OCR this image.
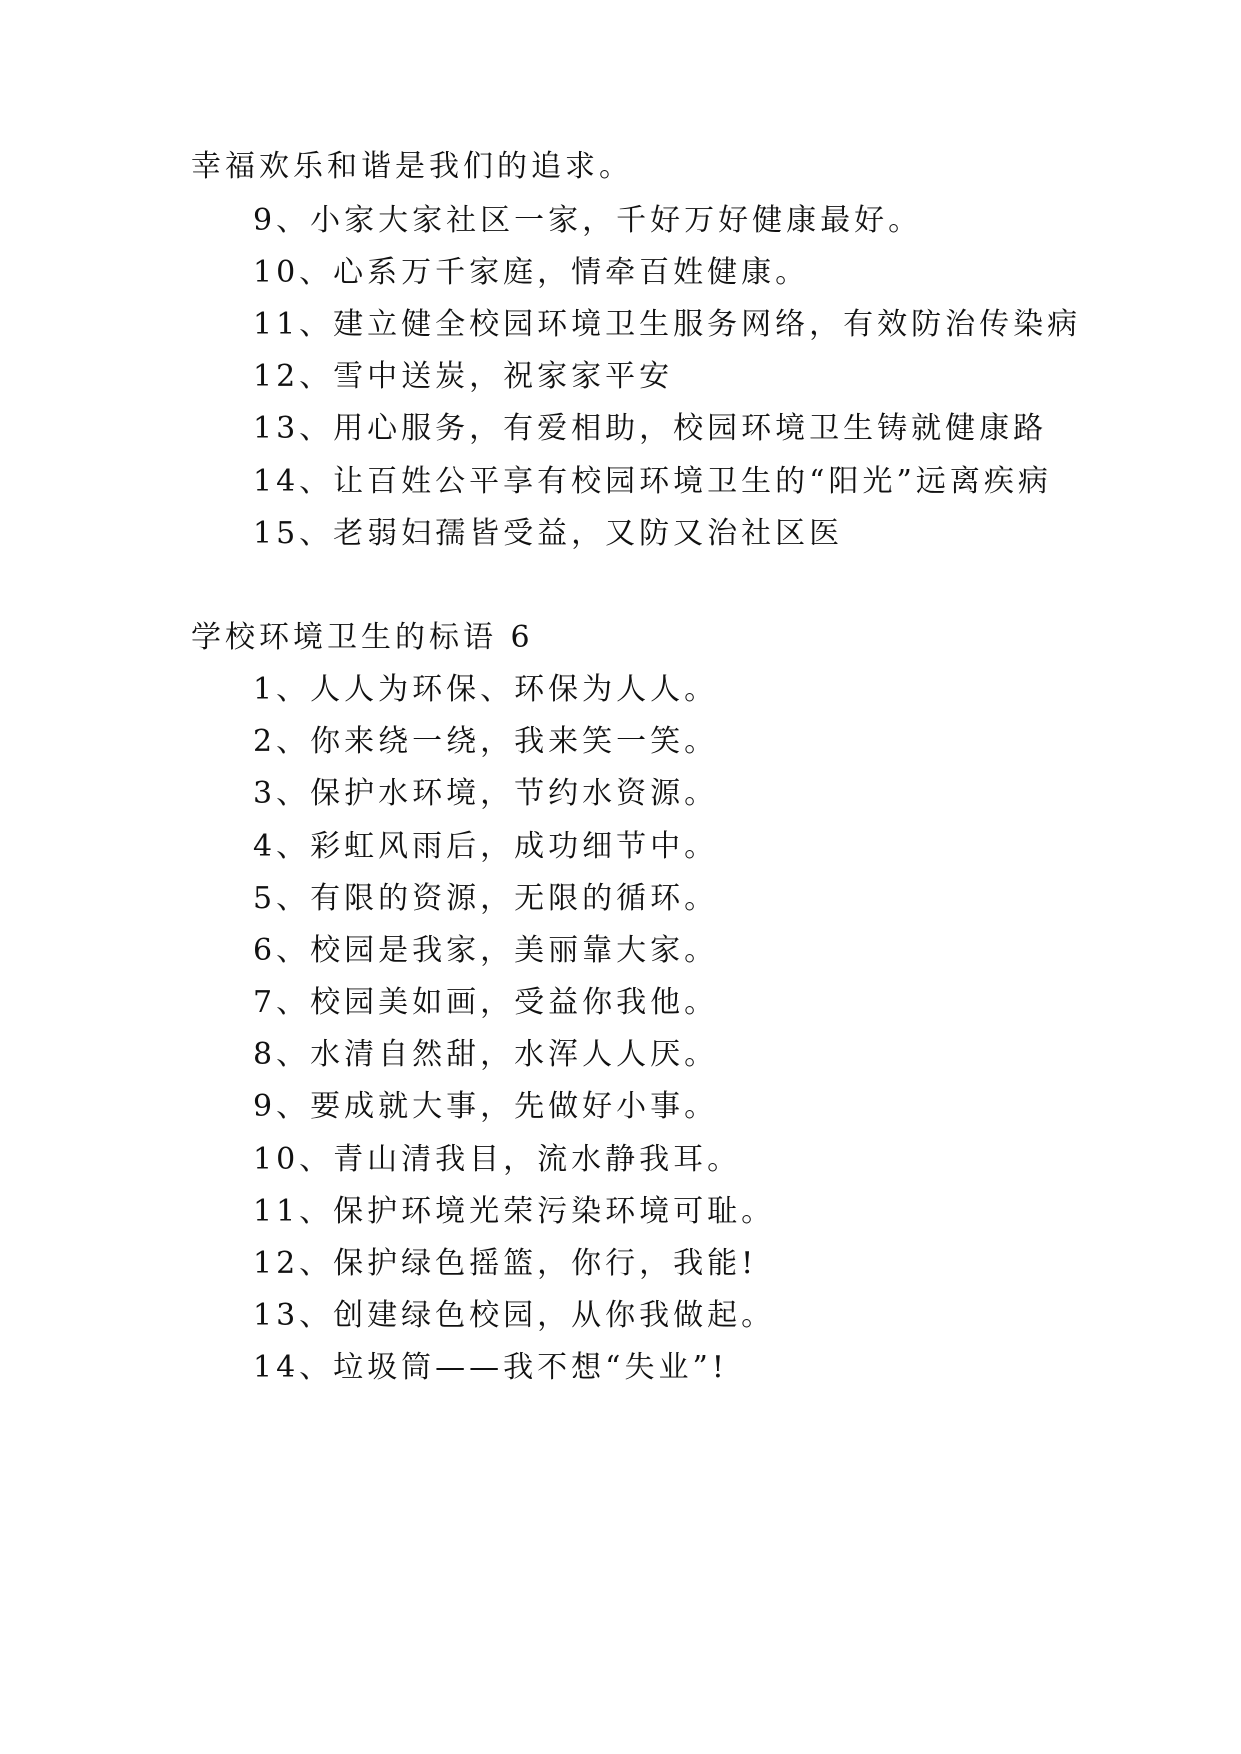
幸福欢乐和谐是我们的追求。
9、小家大家社区一家，千好万好健康最好。
10、心系万千家庭，情牵百姓健康。
11、建立健全校园环境卫生服务网络，有效防治传染病
12、雪中送炭，祝家家平安
13、用心服务，有爱相助，校园环境卫生铸就健康路
14、让百姓公平享有校园环境卫生的“阳光”远离疾病
15、老弱妇孺皆受益，又防又治社区医
学校环境卫生的标语 6
1、人人为环保、环保为人人。
2、你来绕一绕，我来笑一笑。
3、保护水环境，节约水资源。
4、彩虹风雨后，成功细节中。
5、有限的资源，无限的循环。
6、校园是我家，美丽靠大家。
7、校园美如画，受益你我他。
8、水清自然甜，水浑人人厌。
9、要成就大事，先做好小事。
10、青山清我目，流水静我耳。
11、保护环境光荣污染环境可耻。
12、保护绿色摇篮，你行，我能!
13、创建绿色校园，从你我做起。
14、垃圾筒——我不想“失业”!
